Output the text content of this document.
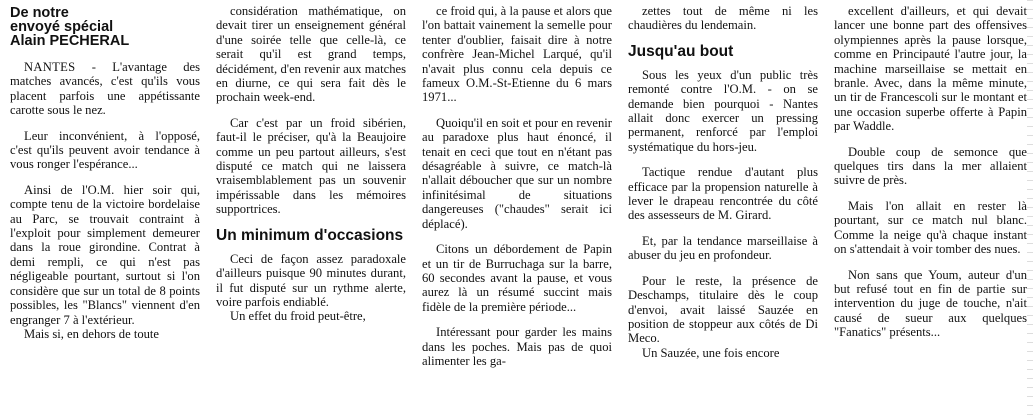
De notre
envoyé spécial
Alain PECHERAL

NANTES - L'avantage des matches avancés, c'est qu'ils vous placent parfois une appétissante carotte sous le nez.

Leur inconvénient, à l'opposé, c'est qu'ils peuvent avoir tendance à vous ronger l'espérance...

Ainsi de l'O.M. hier soir qui, compte tenu de la victoire bordelaise au Parc, se trouvait contraint à l'exploit pour simplement demeurer dans la roue girondine. Contrat à demi rempli, ce qui n'est pas négligeable pourtant, surtout si l'on considère que sur un total de 8 points possibles, les "Blancs" viennent d'en engranger 7 à l'extérieur.

Mais si, en dehors de toute

considération mathématique, on devait tirer un enseignement général d'une soirée telle que celle-là, ce serait qu'il est grand temps, décidément, d'en revenir aux matches en diurne, ce qui sera fait dès le prochain week-end.

Car c'est par un froid sibérien, faut-il le préciser, qu'à la Beaujoire comme un peu partout ailleurs, s'est disputé ce match qui ne laissera vraisemblablement pas un souvenir impérissable dans les mémoires supportrices.

Un minimum d'occasions

Ceci de façon assez paradoxale d'ailleurs puisque 90 minutes durant, il fut disputé sur un rythme alerte, voire parfois endiablé.

Un effet du froid peut-être,

ce froid qui, à la pause et alors que l'on battait vainement la semelle pour tenter d'oublier, faisait dire à notre confrère Jean-Michel Larqué, qu'il n'avait plus connu cela depuis ce fameux O.M.-St-Etienne du 6 mars 1971...

Quoiqu'il en soit et pour en revenir au paradoxe plus haut énoncé, il tenait en ceci que tout en n'étant pas désagréable à suivre, ce match-là n'allait déboucher que sur un nombre infinitésimal de situations dangereuses ("chaudes" serait ici déplacé).

Citons un débordement de Papin et un tir de Burruchaga sur la barre, 60 secondes avant la pause, et vous aurez là un résumé succint mais fidèle de la première période...

Intéressant pour garder les mains dans les poches. Mais pas de quoi alimenter les ga-

zettes tout de même ni les chaudières du lendemain.

Jusqu'au bout

Sous les yeux d'un public très remonté contre l'O.M. - on se demande bien pourquoi - Nantes allait donc exercer un pressing permanent, renforcé par l'emploi systématique du hors-jeu.

Tactique rendue d'autant plus efficace par la propension naturelle à lever le drapeau rencontrée du côté des assesseurs de M. Girard.

Et, par la tendance marseillaise à abuser du jeu en profondeur.

Pour le reste, la présence de Deschamps, titulaire dès le coup d'envoi, avait laissé Sauzée en position de stoppeur aux côtés de Di Meco.

Un Sauzée, une fois encore

excellent d'ailleurs, et qui devait lancer une bonne part des offensives olympiennes après la pause lorsque, comme en Principauté l'autre jour, la machine marseillaise se mettait en branle. Avec, dans la même minute, un tir de Francescoli sur le montant et une occasion superbe offerte à Papin par Waddle.

Double coup de semonce que quelques tirs dans la mer allaient suivre de près.

Mais l'on allait en rester là pourtant, sur ce match nul blanc. Comme la neige qu'à chaque instant on s'attendait à voir tomber des nues.

Non sans que Youm, auteur d'un but refusé tout en fin de partie sur intervention du juge de touche, n'ait causé de sueur aux quelques "Fanatics" présents...
